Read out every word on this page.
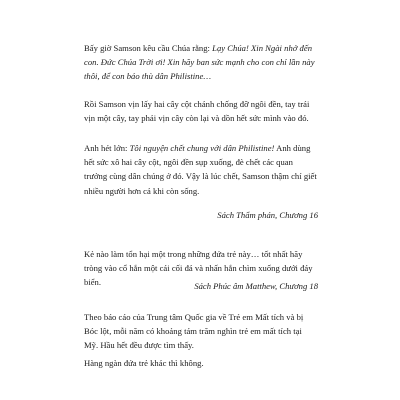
Bấy giờ Samson kêu cầu Chúa rằng: Lạy Chúa! Xin Ngài nhớ đến con. Đức Chúa Trời ơi! Xin hãy ban sức mạnh cho con chỉ lần này thôi, để con báo thù dân Philistine…

Rồi Samson vịn lấy hai cây cột chánh chống đỡ ngôi đền, tay trái vịn một cây, tay phải vịn cây còn lại và dồn hết sức mình vào đó.

Anh hét lớn: Tôi nguyện chết chung với dân Philistine! Anh dùng hết sức xô hai cây cột, ngôi đền sụp xuống, đè chết các quan trưởng cùng dân chúng ở đó. Vậy là lúc chết, Samson thậm chí giết nhiều người hơn cả khi còn sống.

Sách Thẩm phán, Chương 16

Kẻ nào làm tổn hại một trong những đứa trẻ này… tốt nhất hãy tròng vào cổ hắn một cái cối đá và nhấn hắn chìm xuống dưới đáy biển.	Sách Phúc âm Matthew, Chương 18

Theo báo cáo của Trung tâm Quốc gia về Trẻ em Mất tích và bị Bóc lột, mỗi năm có khoảng tám trăm nghìn trẻ em mất tích tại Mỹ. Hầu hết đều được tìm thấy.

Hàng ngàn đứa trẻ khác thì không.
